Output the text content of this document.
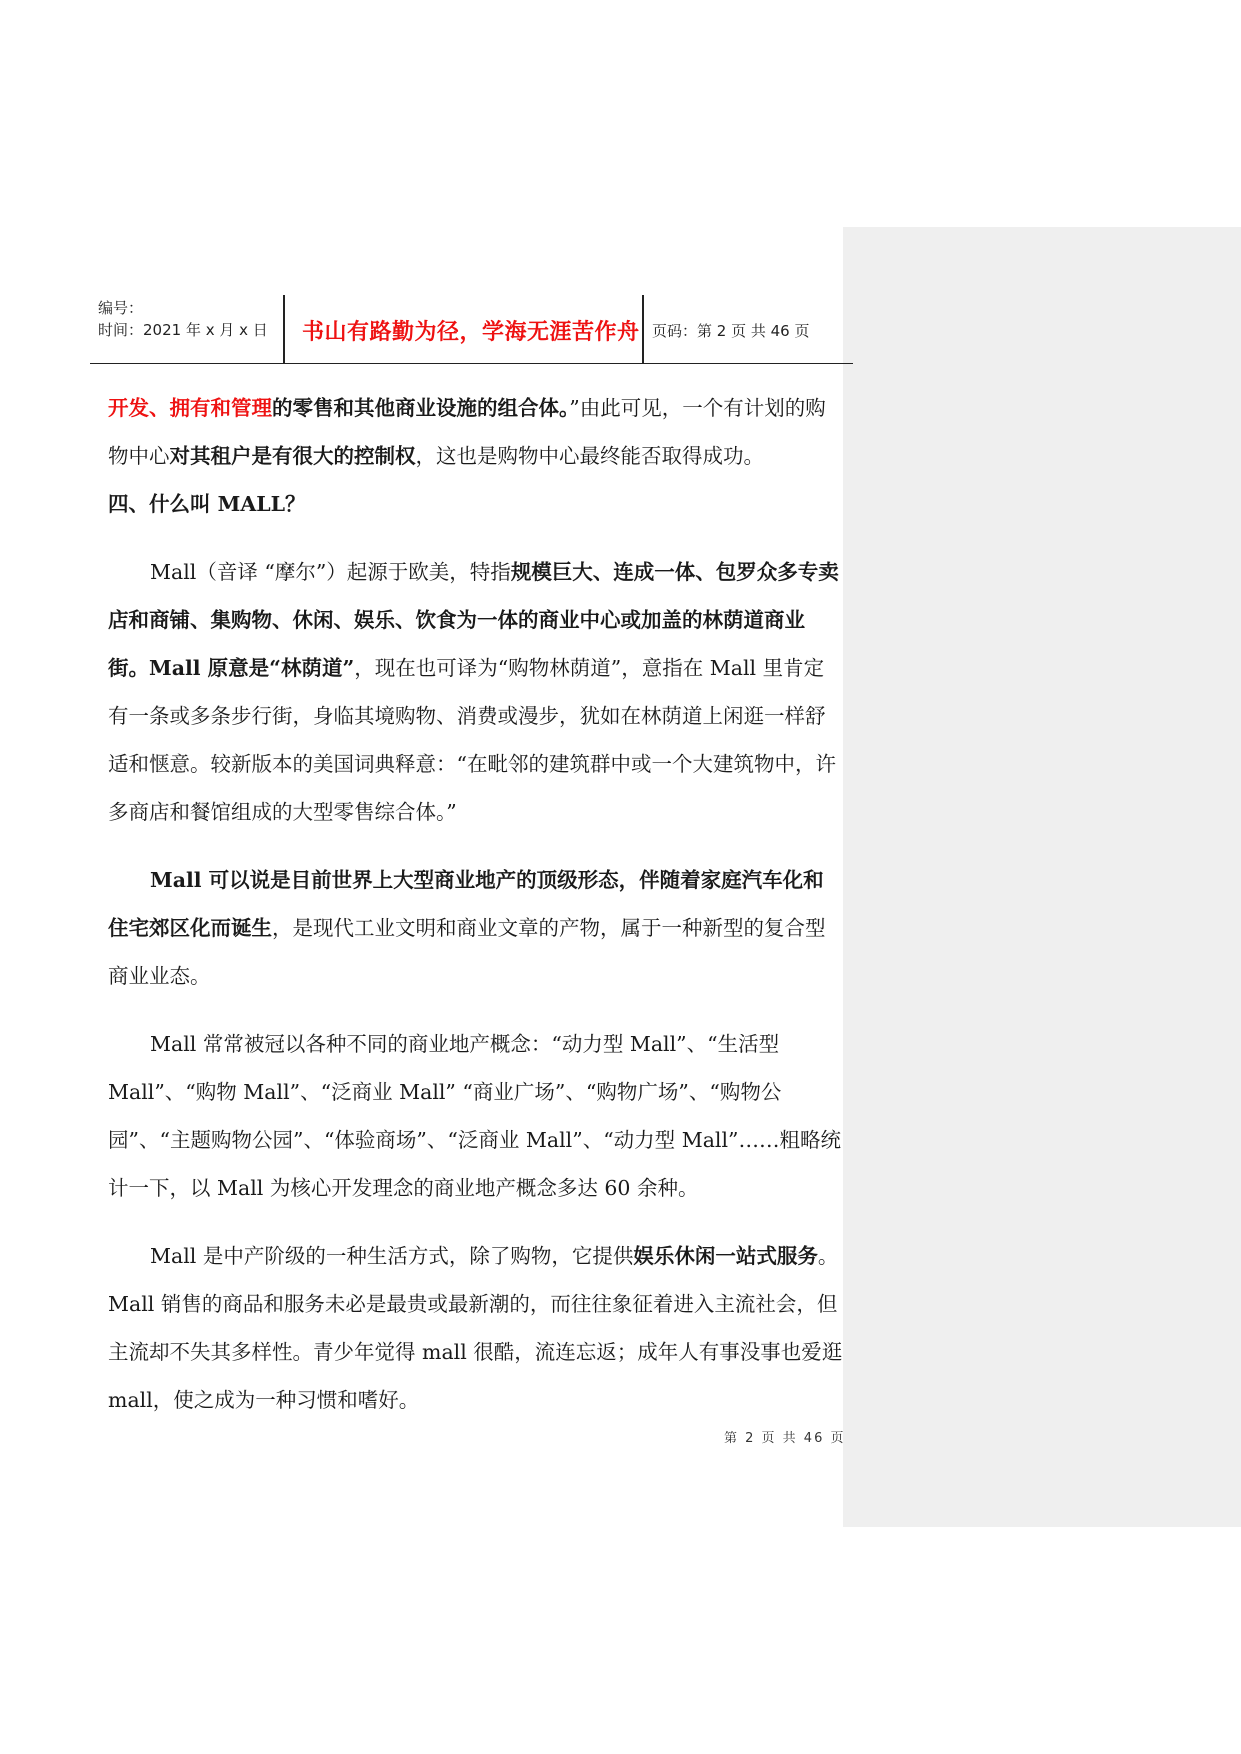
编号：
时间：2021 年 x 月 x 日 书山有路勤为径，学海无涯苦作舟 页码：第 2 页 共 46 页

开发、拥有和管理的零售和其他商业设施的组合体。”由此可见，一个有计划的购物中心对其租户是有很大的控制权，这也是购物中心最终能否取得成功。

四、什么叫 MALL？

Mall（音译 “摩尔”）起源于欧美，特指规模巨大、连成一体、包罗众多专卖店和商铺、集购物、休闲、娱乐、饮食为一体的商业中心或加盖的林荫道商业街。Mall 原意是“林荫道”，现在也可译为“购物林荫道”，意指在 Mall 里肯定有一条或多条步行街，身临其境购物、消费或漫步，犹如在林荫道上闲逛一样舒适和惬意。较新版本的美国词典释意：“在毗邻的建筑群中或一个大建筑物中，许多商店和餐馆组成的大型零售综合体。”

Mall 可以说是目前世界上大型商业地产的顶级形态，伴随着家庭汽车化和住宅郊区化而诞生，是现代工业文明和商业文章的产物，属于一种新型的复合型商业业态。

Mall 常常被冠以各种不同的商业地产概念：“动力型 Mall”、“生活型 Mall”、“购物 Mall”、“泛商业 Mall” “商业广场”、“购物广场”、“购物公园”、“主题购物公园”、“体验商场”、“泛商业 Mall”、“动力型 Mall”……粗略统计一下，以 Mall 为核心开发理念的商业地产概念多达 60 余种。

Mall 是中产阶级的一种生活方式，除了购物，它提供娱乐休闲一站式服务。Mall 销售的商品和服务未必是最贵或最新潮的，而往往象征着进入主流社会，但主流却不失其多样性。青少年觉得 mall 很酷，流连忘返；成年人有事没事也爱逛 mall，使之成为一种习惯和嗜好。

第 2 页 共 46 页
